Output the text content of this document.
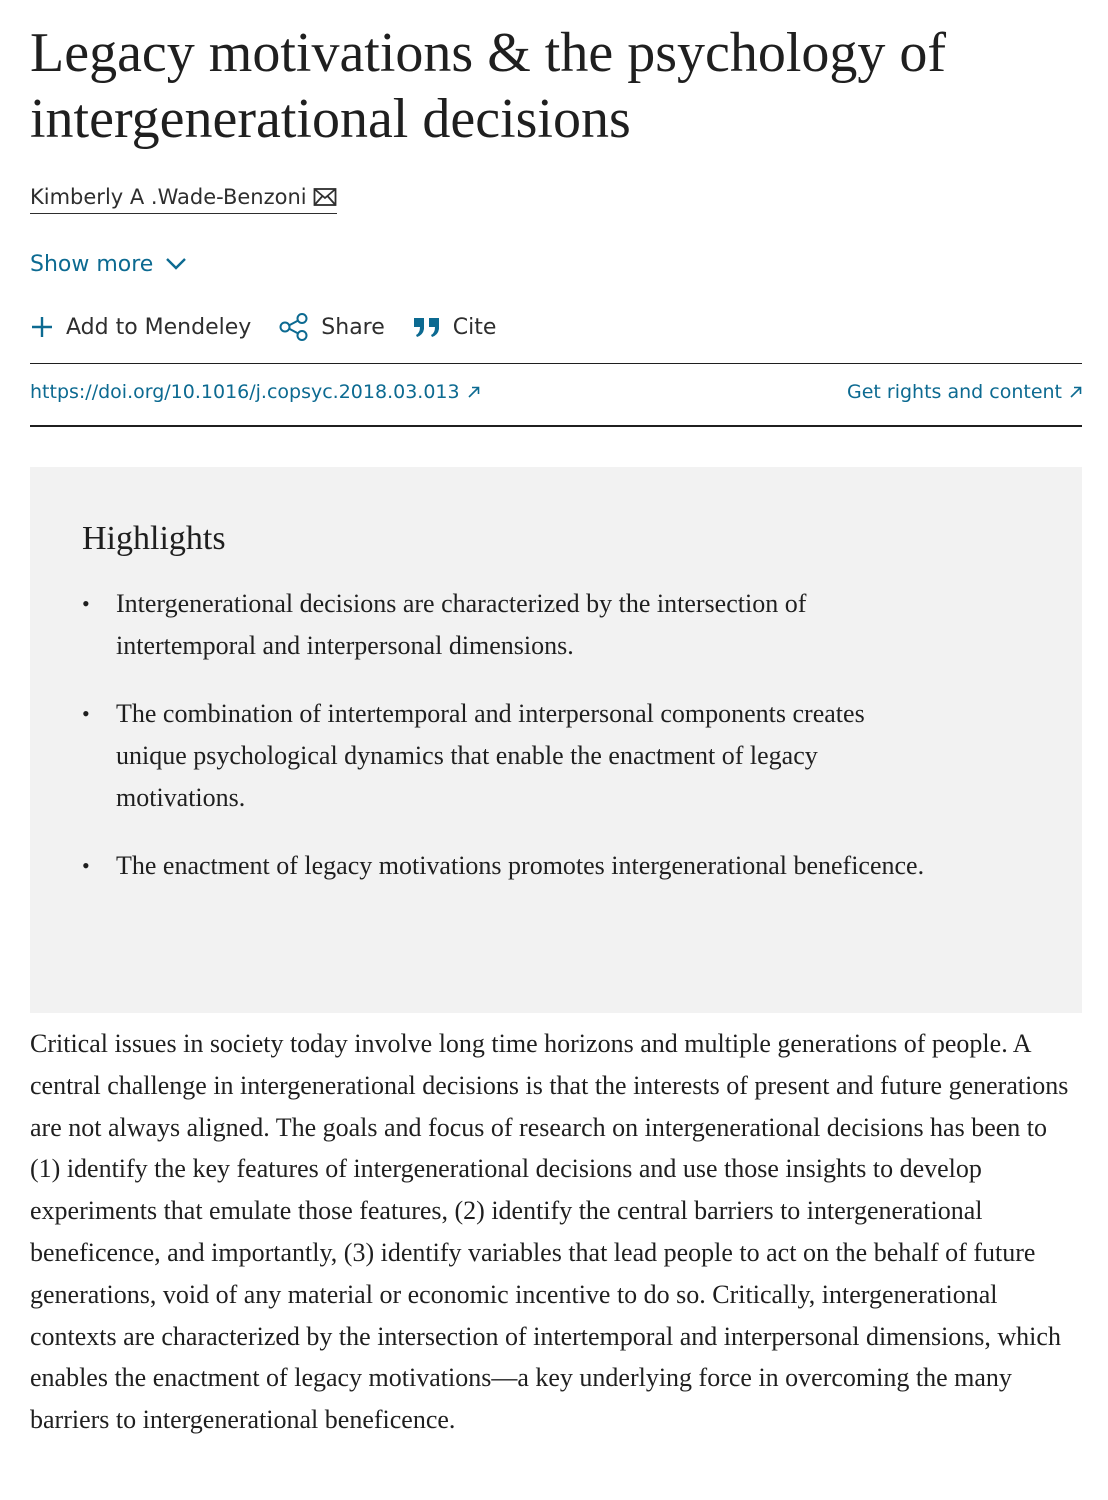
Legacy motivations & the psychology of intergenerational decisions
Kimberly A .Wade-Benzoni
Show more
Add to Mendeley	Share	Cite
https://doi.org/10.1016/j.copsyc.2018.03.013	Get rights and content
Highlights
• Intergenerational decisions are characterized by the intersection of intertemporal and interpersonal dimensions.
• The combination of intertemporal and interpersonal components creates unique psychological dynamics that enable the enactment of legacy motivations.
• The enactment of legacy motivations promotes intergenerational beneficence.

Critical issues in society today involve long time horizons and multiple generations of people. A central challenge in intergenerational decisions is that the interests of present and future generations are not always aligned. The goals and focus of research on intergenerational decisions has been to (1) identify the key features of intergenerational decisions and use those insights to develop experiments that emulate those features, (2) identify the central barriers to intergenerational beneficence, and importantly, (3) identify variables that lead people to act on the behalf of future generations, void of any material or economic incentive to do so. Critically, intergenerational contexts are characterized by the intersection of intertemporal and interpersonal dimensions, which enables the enactment of legacy motivations—a key underlying force in overcoming the many barriers to intergenerational beneficence.
